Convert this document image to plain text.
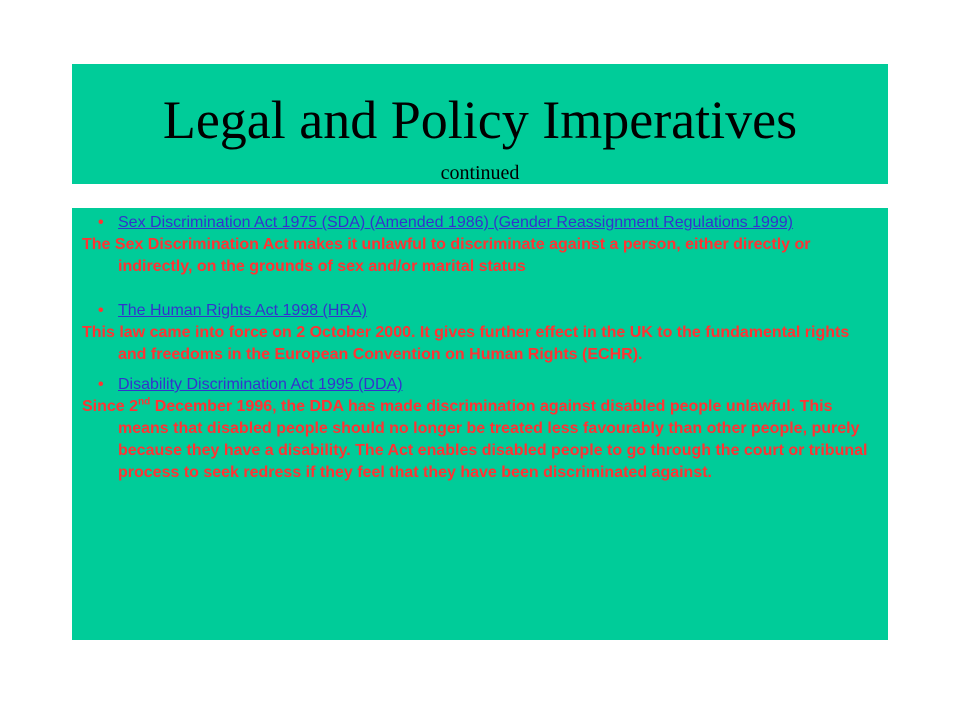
Legal and Policy Imperatives
continued
• Sex Discrimination Act 1975 (SDA) (Amended 1986) (Gender Reassignment Regulations 1999)
The Sex Discrimination Act makes it unlawful to discriminate against a person, either directly or indirectly, on the grounds of sex and/or marital status
• The Human Rights Act 1998 (HRA)
This law came into force on 2 October 2000. It gives further effect in the UK to the fundamental rights and freedoms in the European Convention on Human Rights (ECHR).
• Disability Discrimination Act 1995 (DDA)
Since 2nd December 1996, the DDA has made discrimination against disabled people unlawful. This means that disabled people should no longer be treated less favourably than other people, purely because they have a disability. The Act enables disabled people to go through the court or tribunal process to seek redress if they feel that they have been discriminated against.
